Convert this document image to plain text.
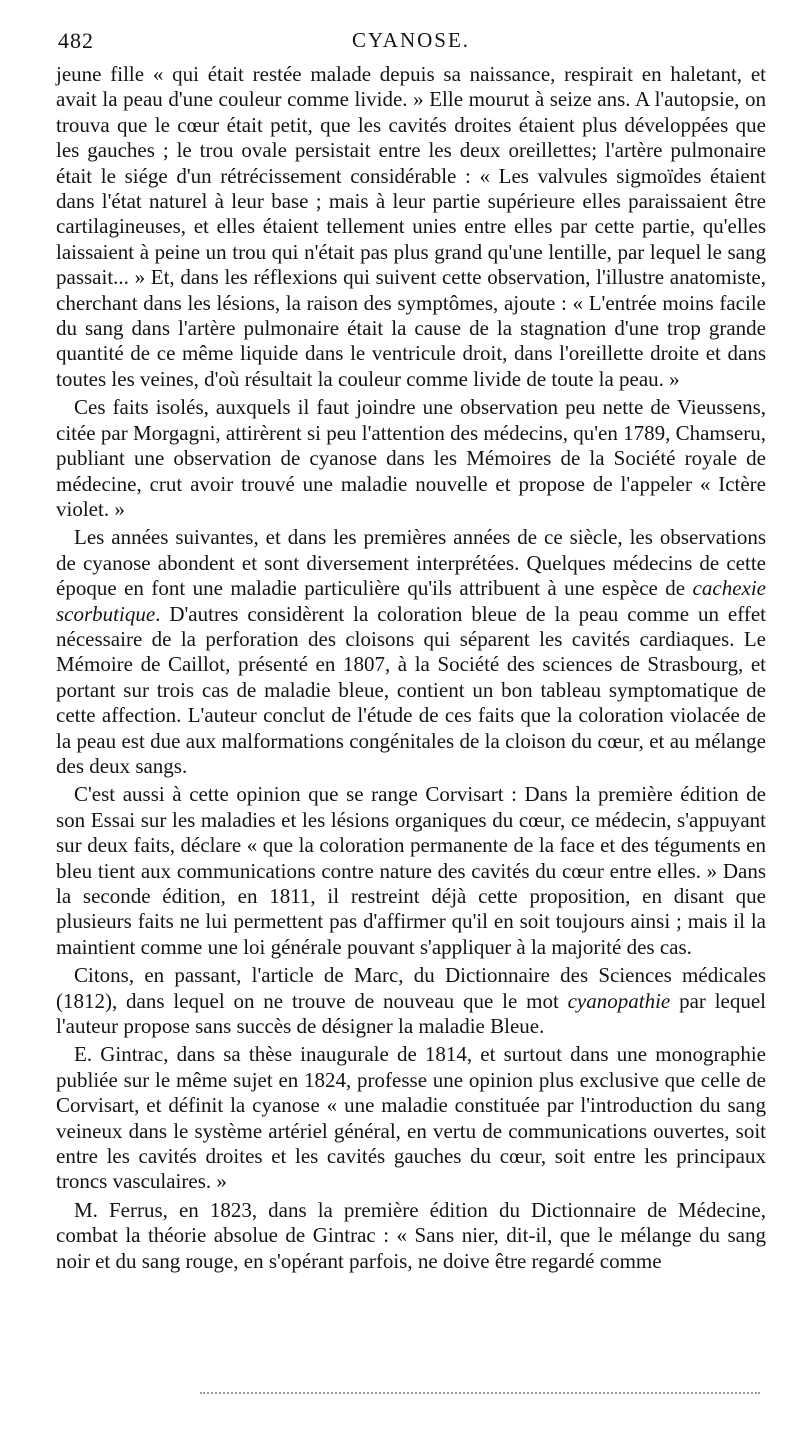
482	CYANOSE.

jeune fille « qui était restée malade depuis sa naissance, respirait en haletant, et avait la peau d'une couleur comme livide. » Elle mourut à seize ans. A l'autopsie, on trouva que le cœur était petit, que les cavités droites étaient plus développées que les gauches ; le trou ovale persistait entre les deux oreillettes; l'artère pulmonaire était le siége d'un rétrécissement considérable : « Les valvules sigmoïdes étaient dans l'état naturel à leur base ; mais à leur partie supérieure elles paraissaient être cartilagineuses, et elles étaient tellement unies entre elles par cette partie, qu'elles laissaient à peine un trou qui n'était pas plus grand qu'une lentille, par lequel le sang passait... » Et, dans les réflexions qui suivent cette observation, l'illustre anatomiste, cherchant dans les lésions, la raison des symptômes, ajoute : « L'entrée moins facile du sang dans l'artère pulmonaire était la cause de la stagnation d'une trop grande quantité de ce même liquide dans le ventricule droit, dans l'oreillette droite et dans toutes les veines, d'où résultait la couleur comme livide de toute la peau. »

Ces faits isolés, auxquels il faut joindre une observation peu nette de Vieussens, citée par Morgagni, attirèrent si peu l'attention des médecins, qu'en 1789, Chamseru, publiant une observation de cyanose dans les Mémoires de la Société royale de médecine, crut avoir trouvé une maladie nouvelle et propose de l'appeler « Ictère violet. »

Les années suivantes, et dans les premières années de ce siècle, les observations de cyanose abondent et sont diversement interprétées. Quelques médecins de cette époque en font une maladie particulière qu'ils attribuent à une espèce de cachexie scorbutique. D'autres considèrent la coloration bleue de la peau comme un effet nécessaire de la perforation des cloisons qui séparent les cavités cardiaques. Le Mémoire de Caillot, présenté en 1807, à la Société des sciences de Strasbourg, et portant sur trois cas de maladie bleue, contient un bon tableau symptomatique de cette affection. L'auteur conclut de l'étude de ces faits que la coloration violacée de la peau est due aux malformations congénitales de la cloison du cœur, et au mélange des deux sangs.

C'est aussi à cette opinion que se range Corvisart : Dans la première édition de son Essai sur les maladies et les lésions organiques du cœur, ce médecin, s'appuyant sur deux faits, déclare « que la coloration permanente de la face et des téguments en bleu tient aux communications contre nature des cavités du cœur entre elles. » Dans la seconde édition, en 1811, il restreint déjà cette proposition, en disant que plusieurs faits ne lui permettent pas d'affirmer qu'il en soit toujours ainsi ; mais il la maintient comme une loi générale pouvant s'appliquer à la majorité des cas.

Citons, en passant, l'article de Marc, du Dictionnaire des Sciences médicales (1812), dans lequel on ne trouve de nouveau que le mot cyanopathie par lequel l'auteur propose sans succès de désigner la maladie Bleue.

E. Gintrac, dans sa thèse inaugurale de 1814, et surtout dans une monographie publiée sur le même sujet en 1824, professe une opinion plus exclusive que celle de Corvisart, et définit la cyanose « une maladie constituée par l'introduction du sang veineux dans le système artériel général, en vertu de communications ouvertes, soit entre les cavités droites et les cavités gauches du cœur, soit entre les principaux troncs vasculaires. »

M. Ferrus, en 1823, dans la première édition du Dictionnaire de Médecine, combat la théorie absolue de Gintrac : « Sans nier, dit-il, que le mélange du sang noir et du sang rouge, en s'opérant parfois, ne doive être regardé comme
